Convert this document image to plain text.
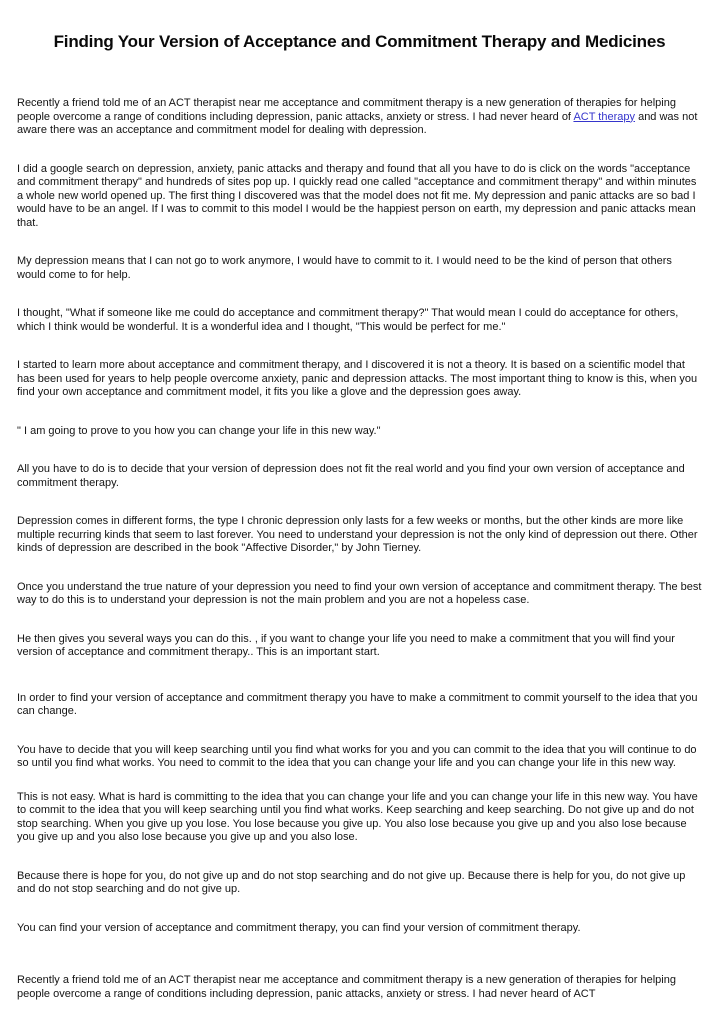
Finding Your Version of Acceptance and Commitment Therapy and Medicines

Recently a friend told me of an ACT therapist near me acceptance and commitment therapy is a new generation of therapies for helping people overcome a range of conditions including depression, panic attacks, anxiety or stress. I had never heard of ACT therapy and was not aware there was an acceptance and commitment model for dealing with depression.

I did a google search on depression, anxiety, panic attacks and therapy and found that all you have to do is click on the words "acceptance and commitment therapy" and hundreds of sites pop up. I quickly read one called "acceptance and commitment therapy" and within minutes a whole new world opened up. The first thing I discovered was that the model does not fit me. My depression and panic attacks are so bad I would have to be an angel. If I was to commit to this model I would be the happiest person on earth, my depression and panic attacks mean that.

My depression means that I can not go to work anymore, I would have to commit to it. I would need to be the kind of person that others would come to for help.

I thought, "What if someone like me could do acceptance and commitment therapy?" That would mean I could do acceptance for others, which I think would be wonderful. It is a wonderful idea and I thought, "This would be perfect for me."

I started to learn more about acceptance and commitment therapy, and I discovered it is not a theory. It is based on a scientific model that has been used for years to help people overcome anxiety, panic and depression attacks. The most important thing to know is this, when you find your own acceptance and commitment model, it fits you like a glove and the depression goes away.

" I am going to prove to you how you can change your life in this new way."

All you have to do is to decide that your version of depression does not fit the real world and you find your own version of acceptance and commitment therapy.

Depression comes in different forms, the type I chronic depression only lasts for a few weeks or months, but the other kinds are more like multiple recurring kinds that seem to last forever. You need to understand your depression is not the only kind of depression out there. Other kinds of depression are described in the book "Affective Disorder," by John Tierney.

Once you understand the true nature of your depression you need to find your own version of acceptance and commitment therapy. The best way to do this is to understand your depression is not the main problem and you are not a hopeless case.

He then gives you several ways you can do this. , if you want to change your life you need to make a commitment that you will find your version of acceptance and commitment therapy.. This is an important start.

In order to find your version of acceptance and commitment therapy you have to make a commitment to commit yourself to the idea that you can change.

You have to decide that you will keep searching until you find what works for you and you can commit to the idea that you will continue to do so until you find what works. You need to commit to the idea that you can change your life and you can change your life in this new way.

This is not easy. What is hard is committing to the idea that you can change your life and you can change your life in this new way. You have to commit to the idea that you will keep searching until you find what works. Keep searching and keep searching. Do not give up and do not stop searching. When you give up you lose. You lose because you give up. You also lose because you give up and you also lose because you give up and you also lose because you give up and you also lose.

Because there is hope for you, do not give up and do not stop searching and do not give up. Because there is help for you, do not give up and do not stop searching and do not give up.

You can find your version of acceptance and commitment therapy, you can find your version of commitment therapy.

Recently a friend told me of an ACT therapist near me acceptance and commitment therapy is a new generation of therapies for helping people overcome a range of conditions including depression, panic attacks, anxiety or stress. I had never heard of ACT
